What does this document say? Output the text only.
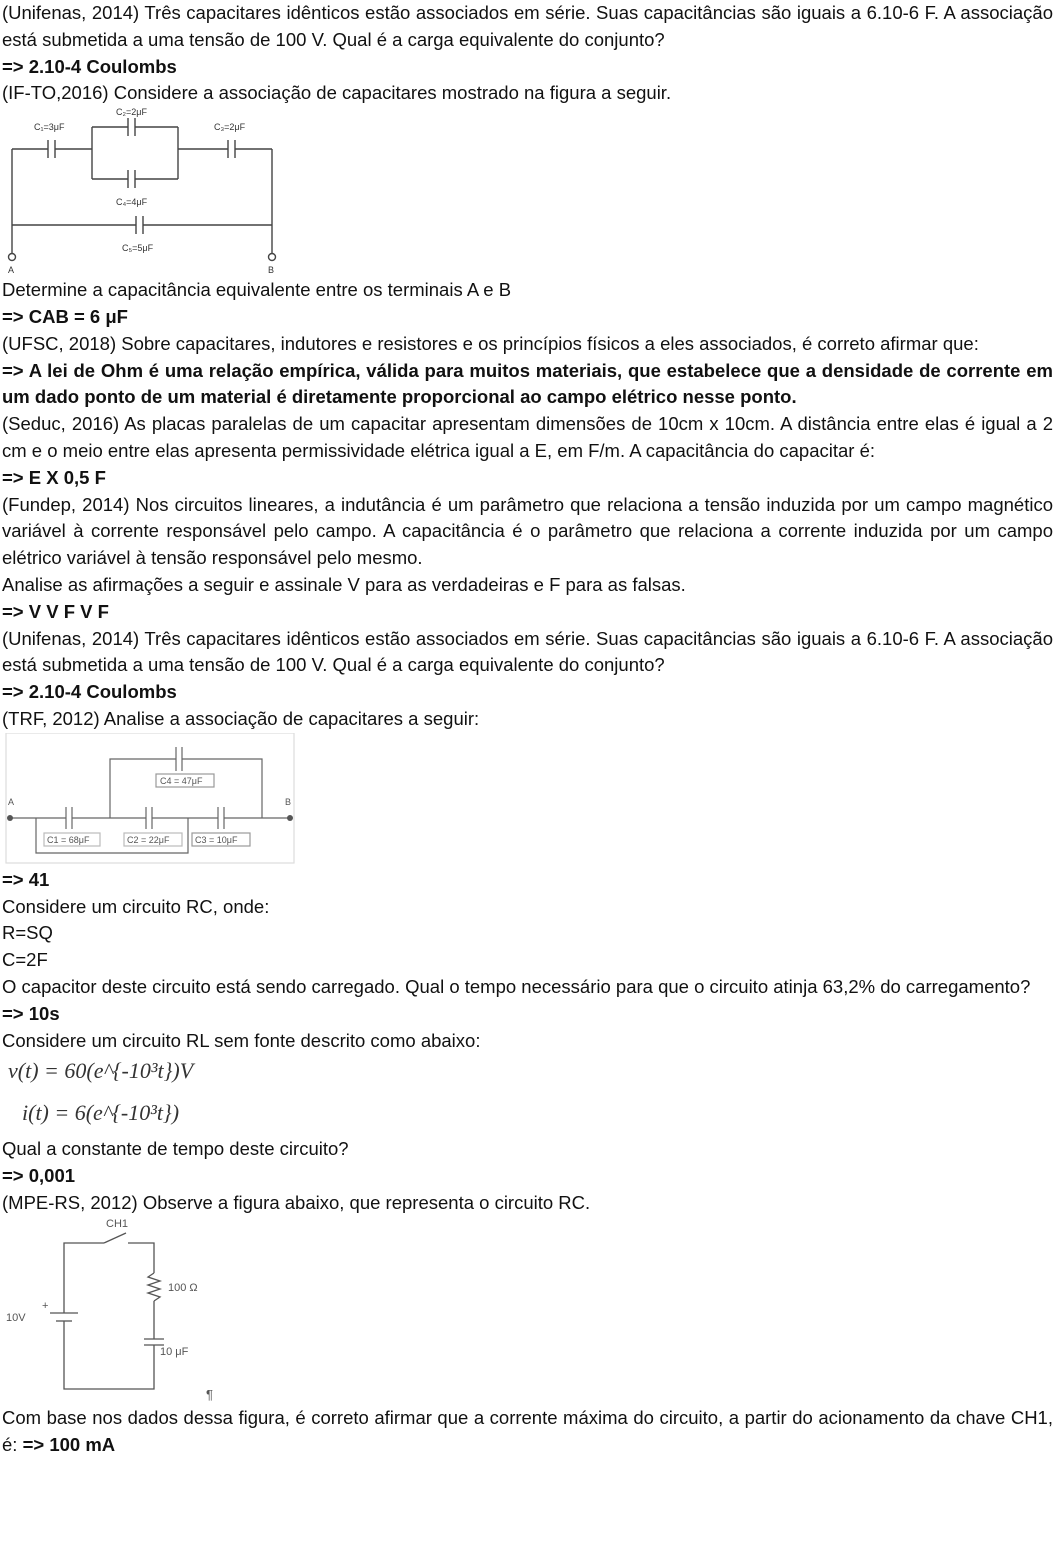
(Unifenas, 2014) Três capacitares idênticos estão associados em série. Suas capacitâncias são iguais a 6.10-6 F. A associação está submetida a uma tensão de 100 V. Qual é a carga equivalente do conjunto?

=> 2.10-4 Coulombs

(IF-TO,2016) Considere a associação de capacitares mostrado na figura a seguir.

C₁=3μF
C₂=2μF
C₃=2μF
C₄=4μF
C₅=5μF
A	B

Determine a capacitância equivalente entre os terminais A e B

=> CAB = 6 μF

(UFSC, 2018) Sobre capacitares, indutores e resistores e os princípios físicos a eles associados, é correto afirmar que:

=> A lei de Ohm é uma relação empírica, válida para muitos materiais, que estabelece que a densidade de corrente em um dado ponto de um material é diretamente proporcional ao campo elétrico nesse ponto.

(Seduc, 2016) As placas paralelas de um capacitar apresentam dimensões de 10cm x 10cm. A distância entre elas é igual a 2 cm e o meio entre elas apresenta permissividade elétrica igual a E, em F/m. A capacitância do capacitar é:

=> E X 0,5 F

(Fundep, 2014) Nos circuitos lineares, a indutância é um parâmetro que relaciona a tensão induzida por um campo magnético variável à corrente responsável pelo campo. A capacitância é o parâmetro que relaciona a corrente induzida por um campo elétrico variável à tensão responsável pelo mesmo.

Analise as afirmações a seguir e assinale V para as verdadeiras e F para as falsas.

=> V V F V F

(Unifenas, 2014) Três capacitares idênticos estão associados em série. Suas capacitâncias são iguais a 6.10-6 F. A associação está submetida a uma tensão de 100 V. Qual é a carga equivalente do conjunto?

=> 2.10-4 Coulombs

(TRF, 2012) Analise a associação de capacitares a seguir:

C4 = 47μF
C1 = 68μF	C2 = 22μF	C3 = 10μF
A	B

=> 41

Considere um circuito RC, onde:

R=SQ

C=2F

O capacitor deste circuito está sendo carregado. Qual o tempo necessário para que o circuito atinja 63,2% do carregamento?

=> 10s

Considere um circuito RL sem fonte descrito como abaixo:

v(t) = 60(e^{-10³t})V
i(t) = 6(e^{-10³t})

Qual a constante de tempo deste circuito?

=> 0,001

(MPE-RS, 2012) Observe a figura abaixo, que representa o circuito RC.

CH1
100 Ω
10 μF
10V
+
¶

Com base nos dados dessa figura, é correto afirmar que a corrente máxima do circuito, a partir do acionamento da chave CH1, é: => 100 mA
